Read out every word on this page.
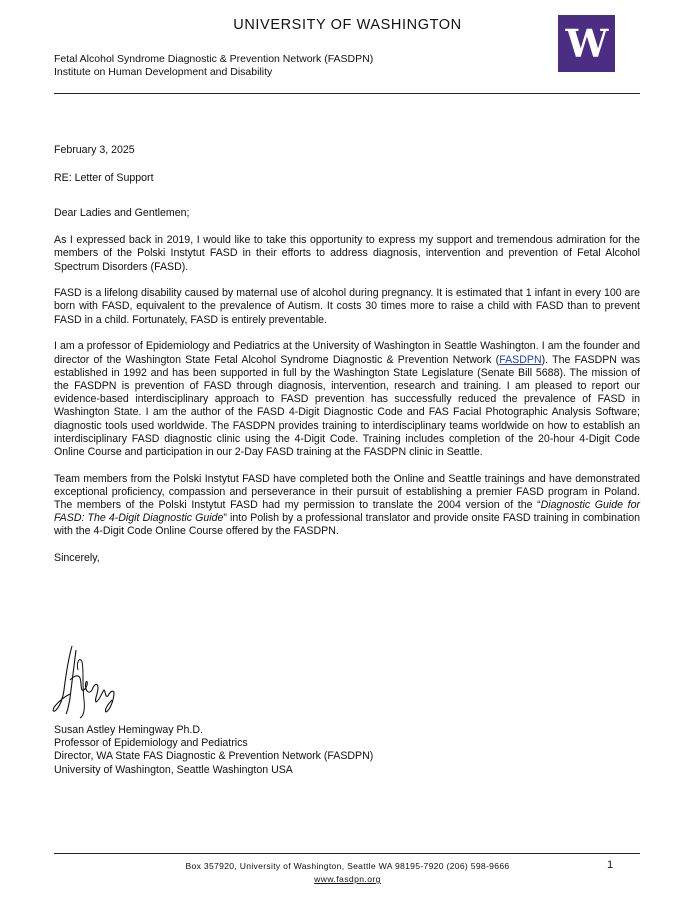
UNIVERSITY OF WASHINGTON
Fetal Alcohol Syndrome Diagnostic & Prevention Network (FASDPN)
Institute on Human Development and Disability
W

February 3, 2025

RE: Letter of Support

Dear Ladies and Gentlemen;

As I expressed back in 2019, I would like to take this opportunity to express my support and tremendous admiration for the members of the Polski Instytut FASD in their efforts to address diagnosis, intervention and prevention of Fetal Alcohol Spectrum Disorders (FASD).

FASD is a lifelong disability caused by maternal use of alcohol during pregnancy. It is estimated that 1 infant in every 100 are born with FASD, equivalent to the prevalence of Autism. It costs 30 times more to raise a child with FASD than to prevent FASD in a child. Fortunately, FASD is entirely preventable.

I am a professor of Epidemiology and Pediatrics at the University of Washington in Seattle Washington. I am the founder and director of the Washington State Fetal Alcohol Syndrome Diagnostic & Prevention Network (FASDPN). The FASDPN was established in 1992 and has been supported in full by the Washington State Legislature (Senate Bill 5688). The mission of the FASDPN is prevention of FASD through diagnosis, intervention, research and training. I am pleased to report our evidence-based interdisciplinary approach to FASD prevention has successfully reduced the prevalence of FASD in Washington State. I am the author of the FASD 4-Digit Diagnostic Code and FAS Facial Photographic Analysis Software; diagnostic tools used worldwide. The FASDPN provides training to interdisciplinary teams worldwide on how to establish an interdisciplinary FASD diagnostic clinic using the 4-Digit Code. Training includes completion of the 20-hour 4-Digit Code Online Course and participation in our 2-Day FASD training at the FASDPN clinic in Seattle.

Team members from the Polski Instytut FASD have completed both the Online and Seattle trainings and have demonstrated exceptional proficiency, compassion and perseverance in their pursuit of establishing a premier FASD program in Poland. The members of the Polski Instytut FASD had my permission to translate the 2004 version of the “Diagnostic Guide for FASD: The 4-Digit Diagnostic Guide” into Polish by a professional translator and provide onsite FASD training in combination with the 4-Digit Code Online Course offered by the FASDPN.

Sincerely,

Susan Astley Hemingway Ph.D.
Professor of Epidemiology and Pediatrics
Director, WA State FAS Diagnostic & Prevention Network (FASDPN)
University of Washington, Seattle Washington USA
Box 357920, University of Washington, Seattle WA 98195-7920 (206) 598-9666
www.fasdpn.org
1
